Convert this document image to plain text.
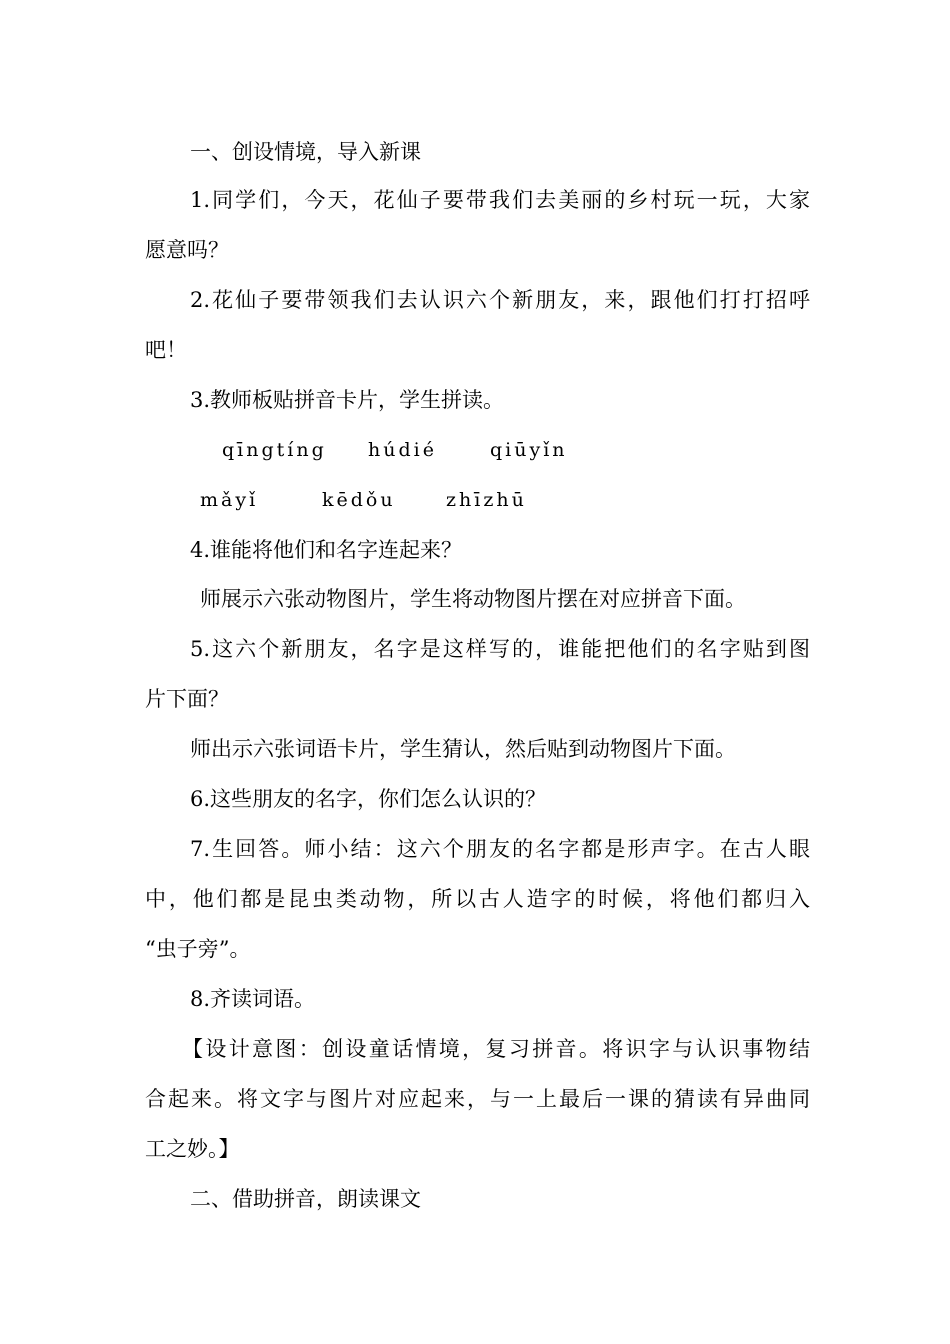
一、创设情境，导入新课
1.同学们，今天，花仙子要带我们去美丽的乡村玩一玩，大家
愿意吗？
2.花仙子要带领我们去认识六个新朋友，来，跟他们打打招呼
吧！
3.教师板贴拼音卡片，学生拼读。
qīngtíng	húdié	qiūyǐn
mǎyǐ	kēdǒu	zhīzhū
4.谁能将他们和名字连起来？
师展示六张动物图片，学生将动物图片摆在对应拼音下面。
5.这六个新朋友，名字是这样写的，谁能把他们的名字贴到图
片下面？
师出示六张词语卡片，学生猜认，然后贴到动物图片下面。
6.这些朋友的名字，你们怎么认识的？
7.生回答。师小结：这六个朋友的名字都是形声字。在古人眼
中，他们都是昆虫类动物，所以古人造字的时候，将他们都归入
“虫子旁”。
8.齐读词语。
【设计意图：创设童话情境，复习拼音。将识字与认识事物结
合起来。将文字与图片对应起来，与一上最后一课的猜读有异曲同
工之妙。】
二、借助拼音，朗读课文
